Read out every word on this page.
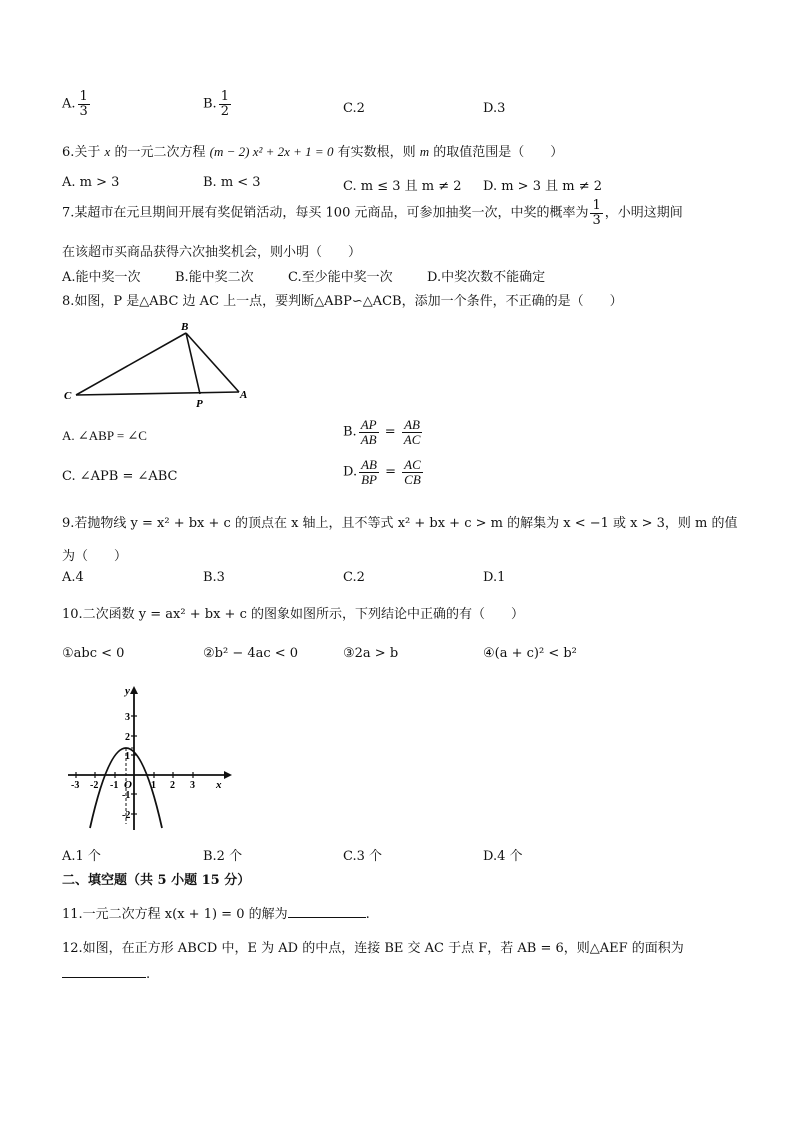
A. $\frac{1}{3}$	B. $\frac{1}{2}$	C.2	D.3
6.关于 x 的一元二次方程 (m − 2) x² + 2x + 1 = 0 有实数根，则 m 的取值范围是（　　）
A. m > 3	B. m < 3	C. m ≤ 3 且 m ≠ 2 D. m > 3 且 m ≠ 2
7.某超市在元旦期间开展有奖促销活动，每买 100 元商品，可参加抽奖一次，中奖的概率为 $\frac{1}{3}$ ，小明这期间
在该超市买商品获得六次抽奖机会，则小明（　　）
A.能中奖一次	B.能中奖二次	C.至少能中奖一次	D.中奖次数不能确定
8.如图，P 是△ABC 边 AC 上一点，要判断△ABP∽△ACB，添加一个条件，不正确的是（　　）
B
C
P
A
A. ∠ABP = ∠C	B. $\frac{AP}{AB} = \frac{AB}{AC}$
C. ∠APB = ∠ABC	D. $\frac{AB}{BP} = \frac{AC}{CB}$
9.若抛物线 y = x² + bx + c 的顶点在 x 轴上，且不等式 x² + bx + c > m 的解集为 x < −1 或 x > 3，则 m 的值
为（　　）
A.4	B.3	C.2	D.1
10.二次函数 y = ax² + bx + c 的图象如图所示，下列结论中正确的有（　　）
①abc < 0	②b² − 4ac < 0	③2a > b	④(a + c)² < b²
-3 -2 -1 O 1 2 3 x
3
2
1
-1
-2
y
A.1 个	B.2 个	C.3 个	D.4 个
二、填空题（共 5 小题 15 分）
11.一元二次方程 x(x + 1) = 0 的解为	.
12.如图，在正方形 ABCD 中，E 为 AD 的中点，连接 BE 交 AC 于点 F，若 AB = 6，则△AEF 的面积为
.
